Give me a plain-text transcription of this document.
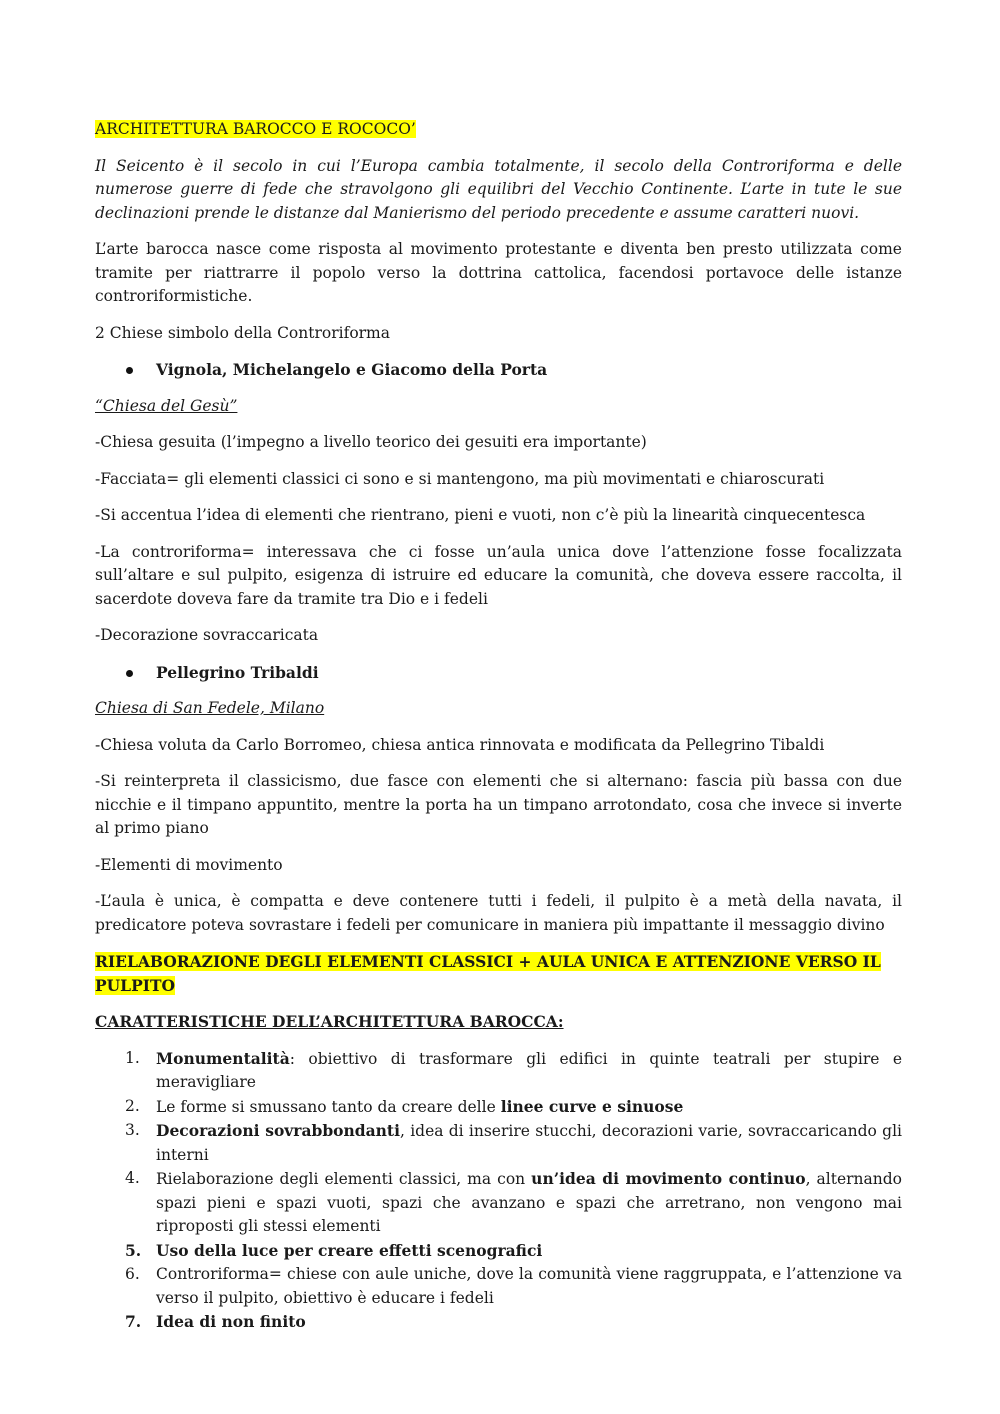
ARCHITETTURA BAROCCO E ROCOCO’

Il Seicento è il secolo in cui l’Europa cambia totalmente, il secolo della Controriforma e delle numerose guerre di fede che stravolgono gli equilibri del Vecchio Continente. L’arte in tute le sue declinazioni prende le distanze dal Manierismo del periodo precedente e assume caratteri nuovi.

L’arte barocca nasce come risposta al movimento protestante e diventa ben presto utilizzata come tramite per riattrarre il popolo verso la dottrina cattolica, facendosi portavoce delle istanze controriformistiche.

2 Chiese simbolo della Controriforma

Vignola, Michelangelo e Giacomo della Porta

“Chiesa del Gesù”

-Chiesa gesuita (l’impegno a livello teorico dei gesuiti era importante)

-Facciata= gli elementi classici ci sono e si mantengono, ma più movimentati e chiaroscurati

-Si accentua l’idea di elementi che rientrano, pieni e vuoti, non c’è più la linearità cinquecentesca

-La controriforma= interessava che ci fosse un’aula unica dove l’attenzione fosse focalizzata sull’altare e sul pulpito, esigenza di istruire ed educare la comunità, che doveva essere raccolta, il sacerdote doveva fare da tramite tra Dio e i fedeli

-Decorazione sovraccaricata

Pellegrino Tribaldi

Chiesa di San Fedele, Milano

-Chiesa voluta da Carlo Borromeo, chiesa antica rinnovata e modificata da Pellegrino Tibaldi

-Si reinterpreta il classicismo, due fasce con elementi che si alternano: fascia più bassa con due nicchie e il timpano appuntito, mentre la porta ha un timpano arrotondato, cosa che invece si inverte al primo piano

-Elementi di movimento

-L’aula è unica, è compatta e deve contenere tutti i fedeli, il pulpito è a metà della navata, il predicatore poteva sovrastare i fedeli per comunicare in maniera più impattante il messaggio divino

RIELABORAZIONE DEGLI ELEMENTI CLASSICI + AULA UNICA E ATTENZIONE VERSO IL PULPITO

CARATTERISTICHE DELL’ARCHITETTURA BAROCCA:

1. Monumentalità: obiettivo di trasformare gli edifici in quinte teatrali per stupire e meravigliare
2. Le forme si smussano tanto da creare delle linee curve e sinuose
3. Decorazioni sovrabbondanti, idea di inserire stucchi, decorazioni varie, sovraccaricando gli interni
4. Rielaborazione degli elementi classici, ma con un’idea di movimento continuo, alternando spazi pieni e spazi vuoti, spazi che avanzano e spazi che arretrano, non vengono mai riproposti gli stessi elementi
5. Uso della luce per creare effetti scenografici
6. Controriforma= chiese con aule uniche, dove la comunità viene raggruppata, e l’attenzione va verso il pulpito, obiettivo è educare i fedeli
7. Idea di non finito
